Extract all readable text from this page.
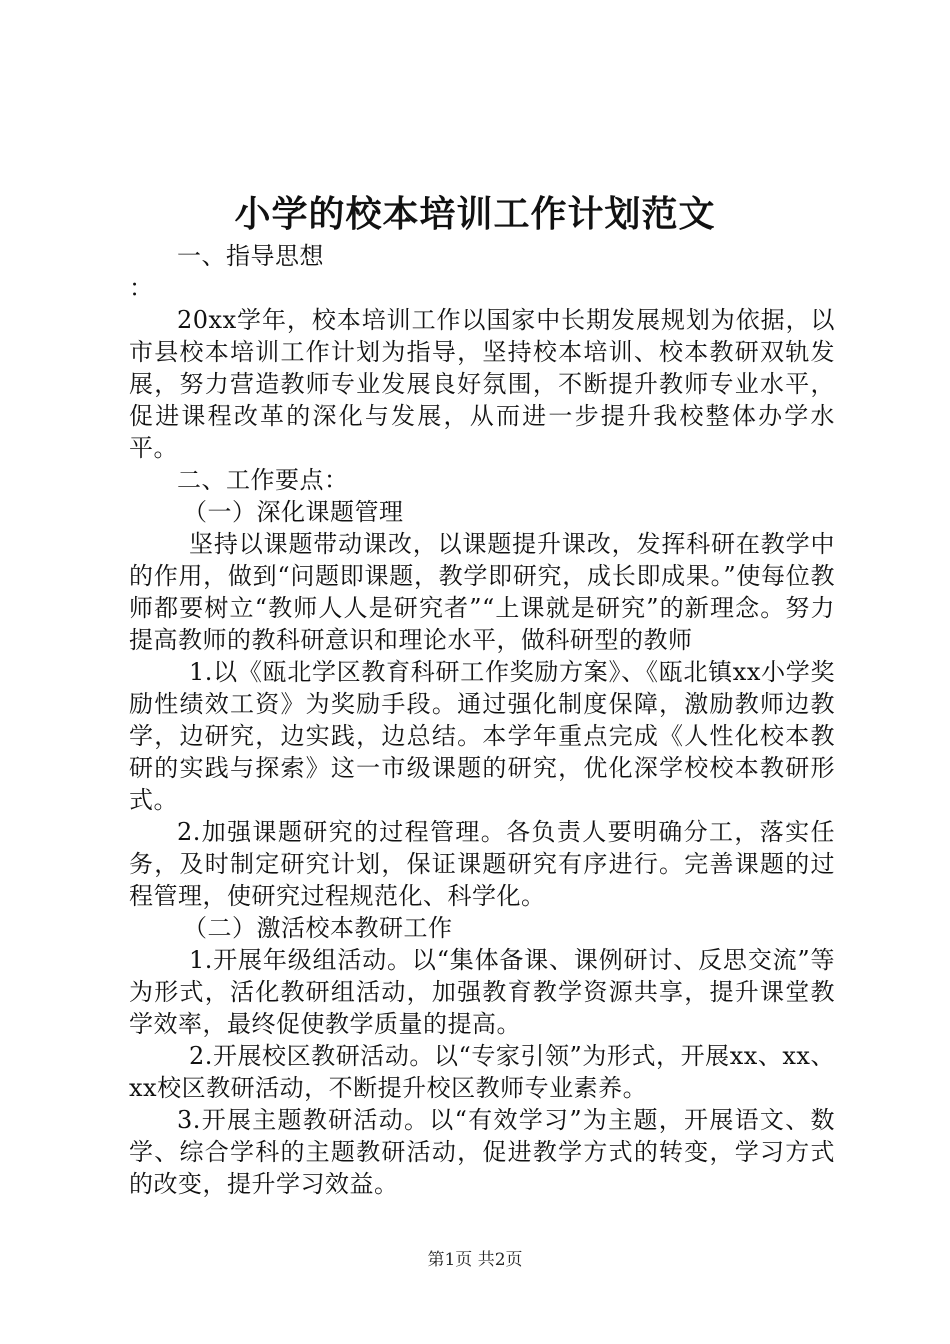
小学的校本培训工作计划范文

一、指导思想

：

20xx学年，校本培训工作以国家中长期发展规划为依据，以市县校本培训工作计划为指导，坚持校本培训、校本教研双轨发展，努力营造教师专业发展良好氛围，不断提升教师专业水平，促进课程改革的深化与发展，从而进一步提升我校整体办学水平。

二、工作要点：

（一）深化课题管理

坚持以课题带动课改，以课题提升课改，发挥科研在教学中的作用，做到“问题即课题，教学即研究，成长即成果。”使每位教师都要树立“教师人人是研究者”“上课就是研究”的新理念。努力提高教师的教科研意识和理论水平，做科研型的教师

1.以《瓯北学区教育科研工作奖励方案》、《瓯北镇xx小学奖励性绩效工资》为奖励手段。通过强化制度保障，激励教师边教学，边研究，边实践，边总结。本学年重点完成《人性化校本教研的实践与探索》这一市级课题的研究，优化深学校校本教研形式。

2.加强课题研究的过程管理。各负责人要明确分工，落实任务，及时制定研究计划，保证课题研究有序进行。完善课题的过程管理，使研究过程规范化、科学化。

（二）激活校本教研工作

1.开展年级组活动。以“集体备课、课例研讨、反思交流”等为形式，活化教研组活动，加强教育教学资源共享，提升课堂教学效率，最终促使教学质量的提高。

2.开展校区教研活动。以“专家引领”为形式，开展xx、xx、xx校区教研活动，不断提升校区教师专业素养。

3.开展主题教研活动。以“有效学习”为主题，开展语文、数学、综合学科的主题教研活动，促进教学方式的转变，学习方式的改变，提升学习效益。

第1页 共2页
